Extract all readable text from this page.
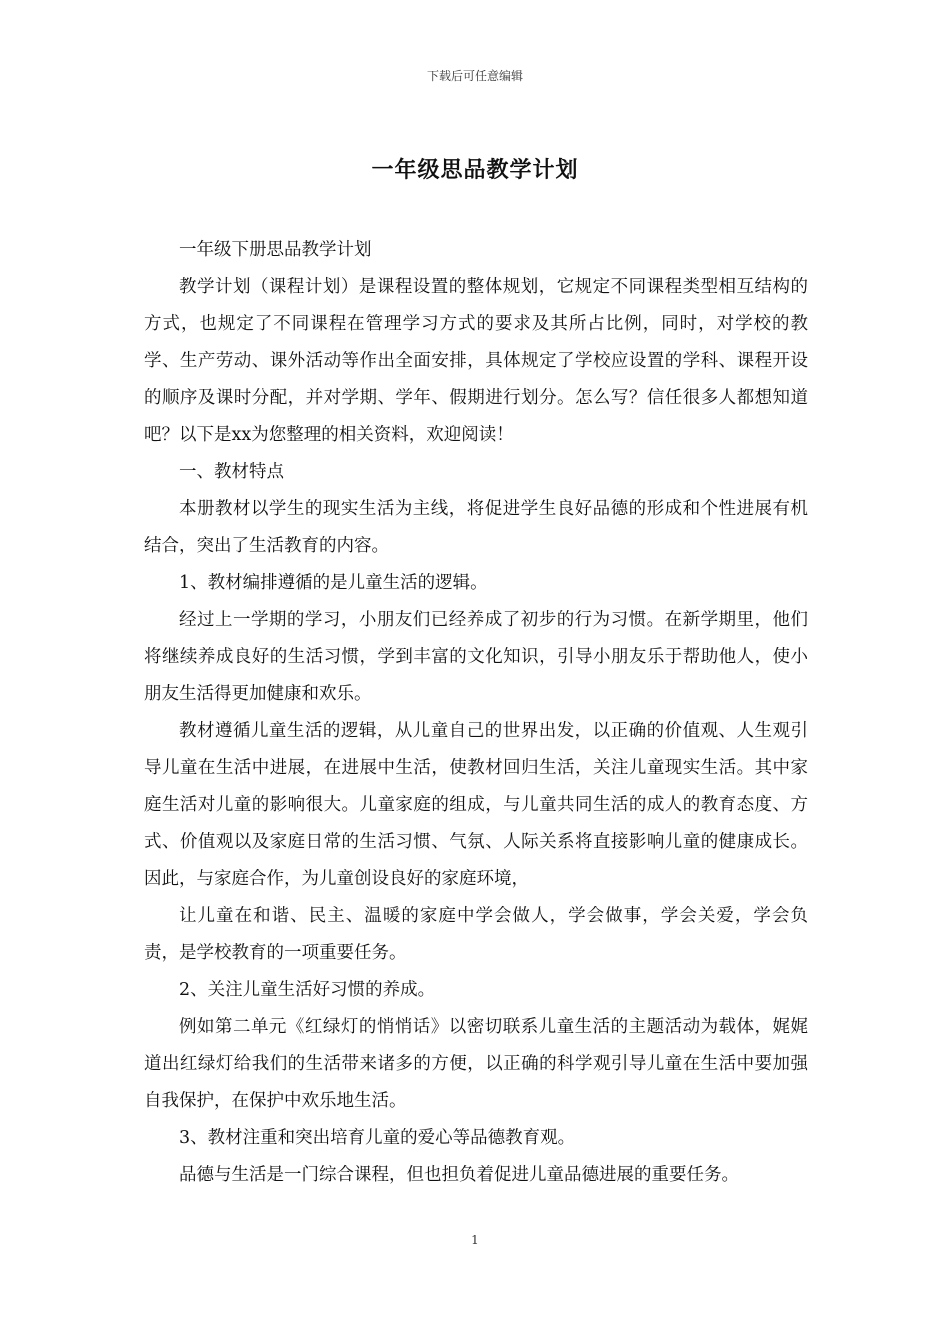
下载后可任意编辑
一年级思品教学计划

一年级下册思品教学计划

教学计划（课程计划）是课程设置的整体规划，它规定不同课程类型相互结构的方式，也规定了不同课程在管理学习方式的要求及其所占比例，同时，对学校的教学、生产劳动、课外活动等作出全面安排，具体规定了学校应设置的学科、课程开设的顺序及课时分配，并对学期、学年、假期进行划分。怎么写？信任很多人都想知道吧？以下是xx为您整理的相关资料，欢迎阅读！

一、教材特点

本册教材以学生的现实生活为主线，将促进学生良好品德的形成和个性进展有机结合，突出了生活教育的内容。

1、教材编排遵循的是儿童生活的逻辑。

经过上一学期的学习，小朋友们已经养成了初步的行为习惯。在新学期里，他们将继续养成良好的生活习惯，学到丰富的文化知识，引导小朋友乐于帮助他人，使小朋友生活得更加健康和欢乐。

教材遵循儿童生活的逻辑，从儿童自己的世界出发，以正确的价值观、人生观引导儿童在生活中进展，在进展中生活，使教材回归生活，关注儿童现实生活。其中家庭生活对儿童的影响很大。儿童家庭的组成，与儿童共同生活的成人的教育态度、方式、价值观以及家庭日常的生活习惯、气氛、人际关系将直接影响儿童的健康成长。因此，与家庭合作，为儿童创设良好的家庭环境，

让儿童在和谐、民主、温暖的家庭中学会做人，学会做事，学会关爱，学会负责，是学校教育的一项重要任务。

2、关注儿童生活好习惯的养成。

例如第二单元《红绿灯的悄悄话》以密切联系儿童生活的主题活动为载体，娓娓道出红绿灯给我们的生活带来诸多的方便，以正确的科学观引导儿童在生活中要加强自我保护，在保护中欢乐地生活。

3、教材注重和突出培育儿童的爱心等品德教育观。

品德与生活是一门综合课程，但也担负着促进儿童品德进展的重要任务。

1
